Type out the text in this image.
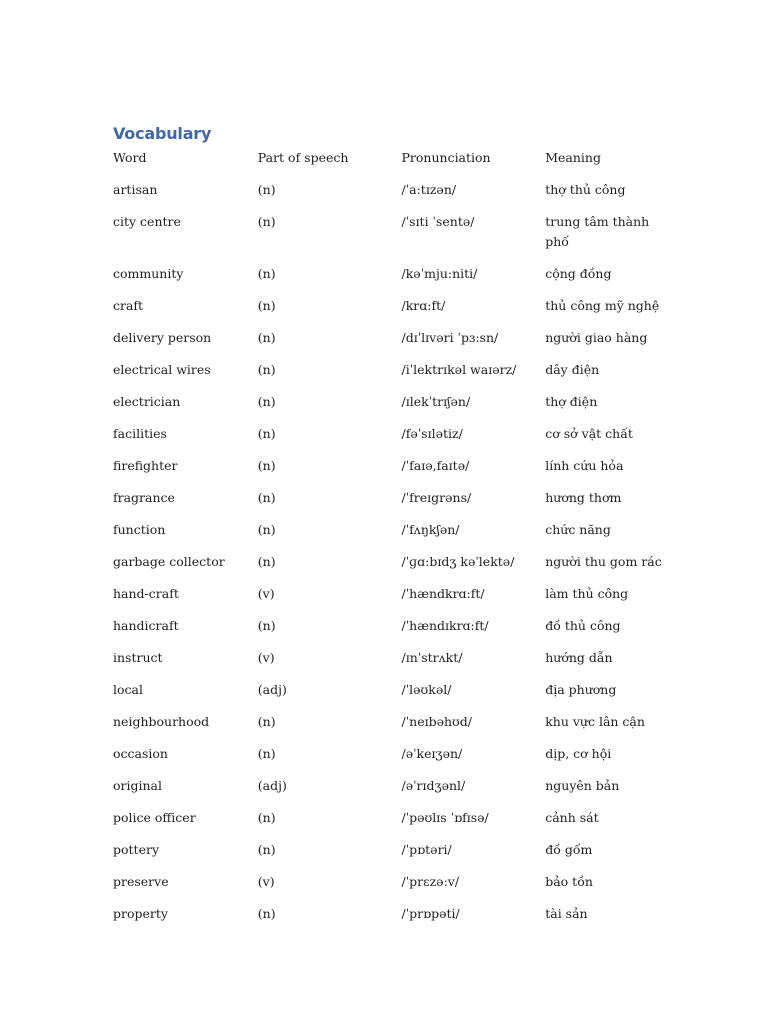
Vocabulary
Word	Part of speech	Pronunciation	Meaning
artisan	(n)	/ˈa:tɪzən/	thợ thủ công
city centre	(n)	/ˈsɪti ˈsentə/	trung tâm thành phố
community	(n)	/kəˈmju:niti/	cộng đồng
craft	(n)	/krɑ:ft/	thủ công mỹ nghệ
delivery person	(n)	/dɪˈlɪvəri ˈpɜ:sn/	người giao hàng
electrical wires	(n)	/iˈlektrɪkəl waɪərz/	dây điện
electrician	(n)	/ɪlekˈtrɪʃən/	thợ điện
facilities	(n)	/fəˈsɪlətiz/	cơ sở vật chất
firefighter	(n)	/ˈfaɪə,faɪtə/	lính cứu hỏa
fragrance	(n)	/ˈfreɪgrəns/	hương thơm
function	(n)	/ˈfʌŋkʃən/	chức năng
garbage collector	(n)	/ˈɡɑ:bɪdʒ kəˈlektə/	người thu gom rác
hand-craft	(v)	/ˈhændkrɑ:ft/	làm thủ công
handicraft	(n)	/ˈhændɪkrɑ:ft/	đồ thủ công
instruct	(v)	/ɪnˈstrʌkt/	hướng dẫn
local	(adj)	/ˈləʊkəl/	địa phương
neighbourhood	(n)	/ˈneɪbəhʊd/	khu vực lân cận
occasion	(n)	/əˈkeɪʒən/	dịp, cơ hội
original	(adj)	/əˈrɪdʒənl/	nguyên bản
police officer	(n)	/ˈpəʊlɪs ˈɒfɪsə/	cảnh sát
pottery	(n)	/ˈpɒtəri/	đồ gốm
preserve	(v)	/ˈprɛzə:v/	bảo tồn
property	(n)	/ˈprɒpəti/	tài sản
